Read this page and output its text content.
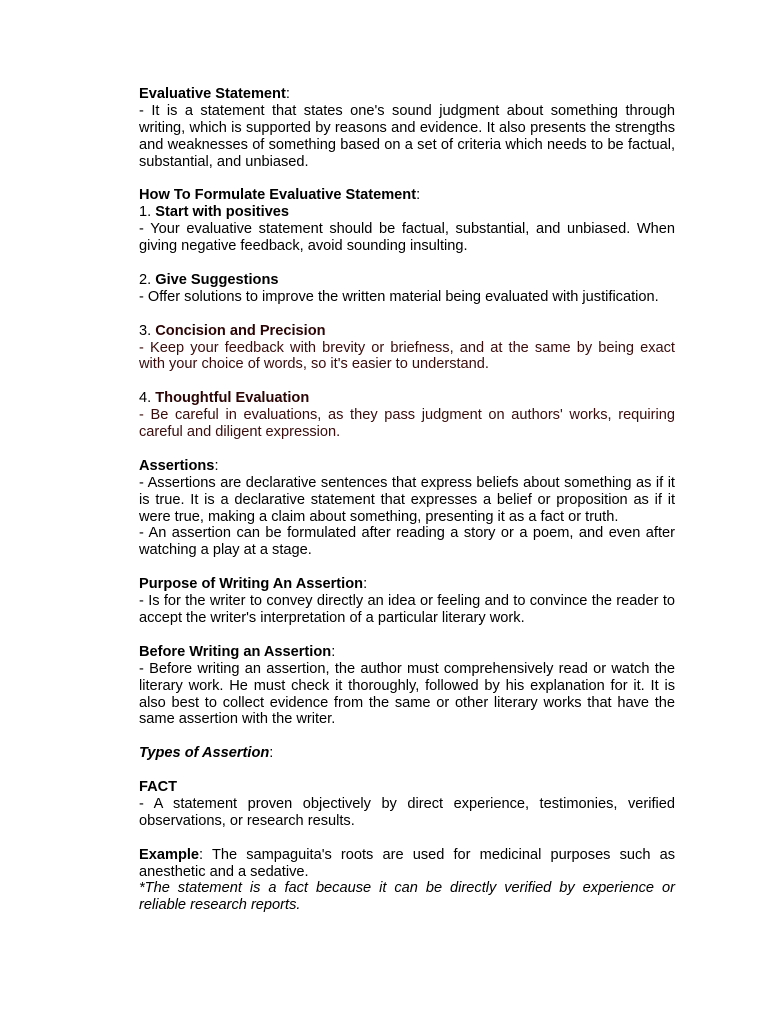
Evaluative Statement:

- It is a statement that states one's sound judgment about something through writing, which is supported by reasons and evidence. It also presents the strengths and weaknesses of something based on a set of criteria which needs to be factual, substantial, and unbiased.

How To Formulate Evaluative Statement:

1. Start with positives

- Your evaluative statement should be factual, substantial, and unbiased. When giving negative feedback, avoid sounding insulting.

2. Give Suggestions

- Offer solutions to improve the written material being evaluated with justification.

3. Concision and Precision

- Keep your feedback with brevity or briefness, and at the same by being exact with your choice of words, so it's easier to understand.

4. Thoughtful Evaluation

- Be careful in evaluations, as they pass judgment on authors' works, requiring careful and diligent expression.

Assertions:

- Assertions are declarative sentences that express beliefs about something as if it is true. It is a declarative statement that expresses a belief or proposition as if it were true, making a claim about something, presenting it as a fact or truth.

- An assertion can be formulated after reading a story or a poem, and even after watching a play at a stage.

Purpose of Writing An Assertion:

- Is for the writer to convey directly an idea or feeling and to convince the reader to accept the writer's interpretation of a particular literary work.

Before Writing an Assertion:

- Before writing an assertion, the author must comprehensively read or watch the literary work. He must check it thoroughly, followed by his explanation for it. It is also best to collect evidence from the same or other literary works that have the same assertion with the writer.

Types of Assertion:

FACT

- A statement proven objectively by direct experience, testimonies, verified observations, or research results.

Example: The sampaguita's roots are used for medicinal purposes such as anesthetic and a sedative.

*The statement is a fact because it can be directly verified by experience or reliable research reports.
